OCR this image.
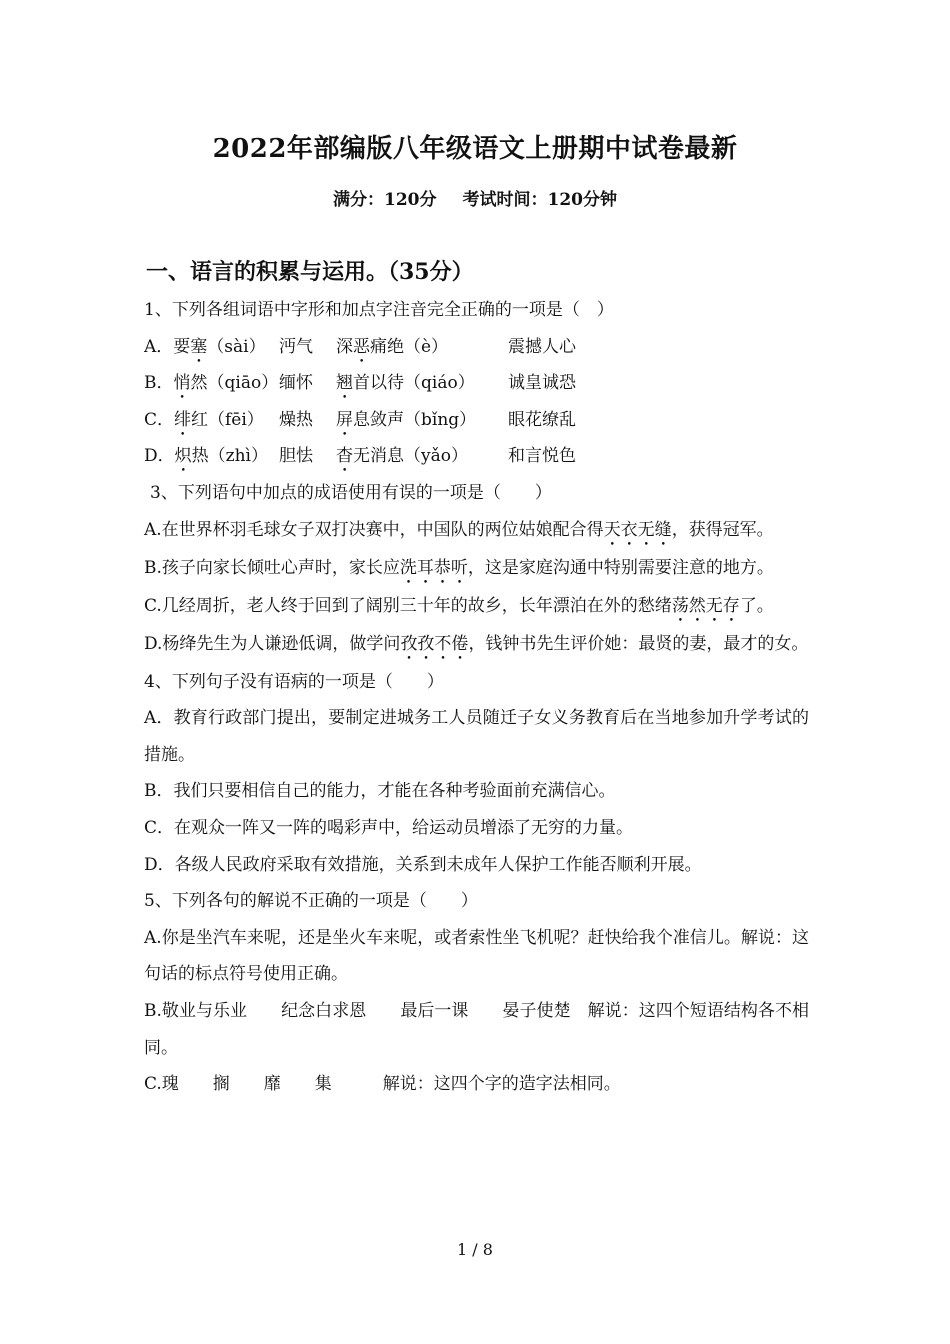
2022年部编版八年级语文上册期中试卷最新
满分：120分 考试时间：120分钟
一、语言的积累与运用。（35分）
1、下列各组词语中字形和加点字注音完全正确的一项是（　）
A．要塞（sài） 沔气 深恶痛绝（è）	震撼人心
B．悄然（qiāo）缅怀 翘首以待（qiáo） 诚皇诚恐
C．绯红（fēi） 燥热 屏息敛声（bǐng） 眼花缭乱
D．炽热（zhì） 胆怯 杳无消息（yǎo） 和言悦色
3、下列语句中加点的成语使用有误的一项是（　　）
A.在世界杯羽毛球女子双打决赛中，中国队的两位姑娘配合得天衣无缝，获得冠军。
B.孩子向家长倾吐心声时，家长应洗耳恭听，这是家庭沟通中特别需要注意的地方。
C.几经周折，老人终于回到了阔别三十年的故乡，长年漂泊在外的愁绪荡然无存了。
D.杨绛先生为人谦逊低调，做学问孜孜不倦，钱钟书先生评价她：最贤的妻，最才的女。
4、下列句子没有语病的一项是（　　）
A．教育行政部门提出，要制定进城务工人员随迁子女义务教育后在当地参加升学考试的措施。
B．我们只要相信自己的能力，才能在各种考验面前充满信心。
C．在观众一阵又一阵的喝彩声中，给运动员增添了无穷的力量。
D．各级人民政府采取有效措施，关系到未成年人保护工作能否顺利开展。
5、下列各句的解说不正确的一项是（　　）
A.你是坐汽车来呢，还是坐火车来呢，或者索性坐飞机呢？赶快给我个准信儿。解说：这句话的标点符号使用正确。
B.敬业与乐业　　纪念白求恩　　最后一课　　晏子使楚　解说：这四个短语结构各不相同。
C.瑰　　搁　　靡　　集　　　解说：这四个字的造字法相同。
1 / 8
